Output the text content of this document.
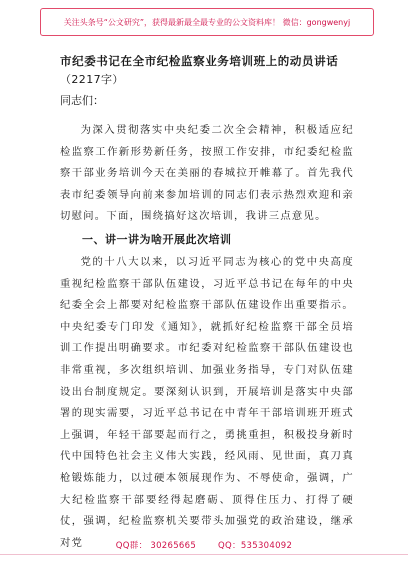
关注头条号“公文研究”，获得最新最全最专业的公文资料库！ 微信：gongwenyj
市纪委书记在全市纪检监察业务培训班上的动员讲话
（2217字）
同志们：

为深入贯彻落实中央纪委二次全会精神，积极适应纪检监察工作新形势新任务，按照工作安排，市纪委纪检监察干部业务培训今天在美丽的春城拉开帷幕了。首先我代表市纪委领导向前来参加培训的同志们表示热烈欢迎和亲切慰问。下面，围绕搞好这次培训，我讲三点意见。

一、讲一讲为啥开展此次培训

党的十八大以来，以习近平同志为核心的党中央高度重视纪检监察干部队伍建设，习近平总书记在每年的中央纪委全会上都要对纪检监察干部队伍建设作出重要指示。中央纪委专门印发《通知》，就抓好纪检监察干部全员培训工作提出明确要求。市纪委对纪检监察干部队伍建设也非常重视，多次组织培训、加强业务指导，专门对队伍建设出台制度规定。要深刻认识到，开展培训是落实中央部署的现实需要，习近平总书记在中青年干部培训班开班式上强调，年轻干部要起而行之，勇挑重担，积极投身新时代中国特色社会主义伟大实践，经风雨、见世面，真刀真枪锻炼能力，以过硬本领展现作为、不辱使命，强调，广大纪检监察干部要经得起磨砺、顶得住压力、打得了硬仗，强调，纪检监察机关要带头加强党的政治建设，继承对党	QQ群： 30265665	QQ：535304092
